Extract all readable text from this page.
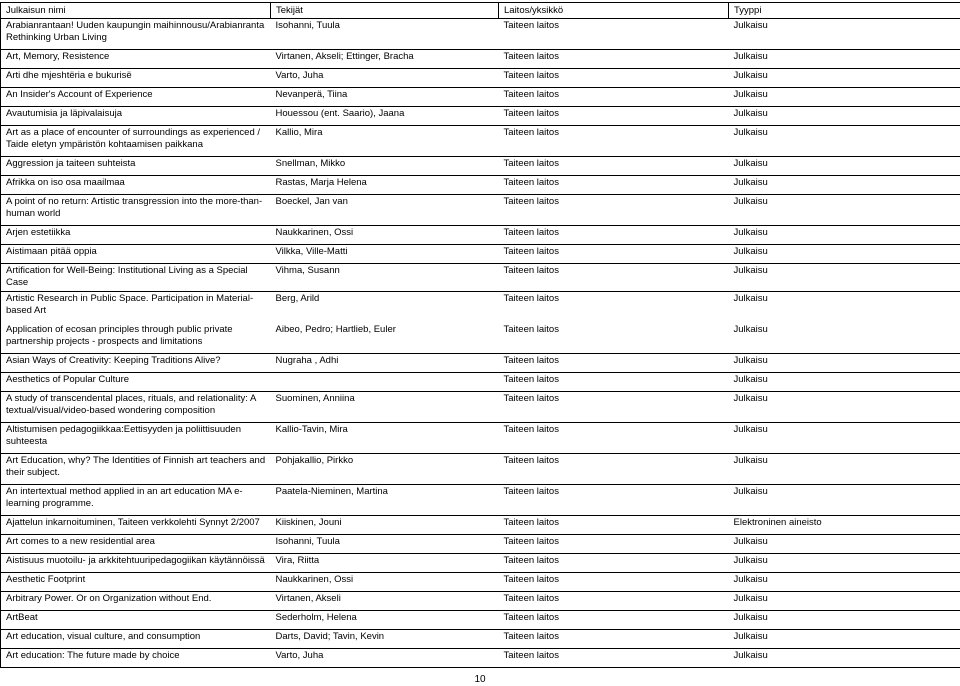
Julkaisun nimi	Tekijät	Laitos/yksikkö	Tyyppi
Arabianrantaan! Uuden kaupungin maihinnousu/Arabianranta Rethinking Urban Living	Isohanni, Tuula	Taiteen laitos	Julkaisu
Art, Memory, Resistence	Virtanen, Akseli; Ettinger, Bracha	Taiteen laitos	Julkaisu
Arti dhe mjeshtëria e bukurisë	Varto, Juha	Taiteen laitos	Julkaisu
An Insider's Account of Experience	Nevanperä, Tiina	Taiteen laitos	Julkaisu
Avautumisia ja läpivalaisuja	Houessou (ent. Saario), Jaana	Taiteen laitos	Julkaisu
Art as a place of encounter of surroundings as experienced / Taide eletyn ympäristön kohtaamisen paikkana	Kallio, Mira	Taiteen laitos	Julkaisu
Aggression ja taiteen suhteista	Snellman, Mikko	Taiteen laitos	Julkaisu
Afrikka on iso osa maailmaa	Rastas, Marja Helena	Taiteen laitos	Julkaisu
A point of no return: Artistic transgression into the more-than-human world	Boeckel, Jan van	Taiteen laitos	Julkaisu
Arjen estetiikka	Naukkarinen, Ossi	Taiteen laitos	Julkaisu
Aistimaan pitää oppia	Vilkka, Ville-Matti	Taiteen laitos	Julkaisu
Artification for Well-Being: Institutional Living as a Special Case	Vihma, Susann	Taiteen laitos	Julkaisu
Artistic Research in Public Space. Participation in Material-based Art	Berg, Arild	Taiteen laitos	Julkaisu
Application of ecosan principles through public private partnership projects - prospects and limitations	Aibeo, Pedro; Hartlieb, Euler	Taiteen laitos	Julkaisu
Asian Ways of Creativity: Keeping Traditions Alive?	Nugraha , Adhi	Taiteen laitos	Julkaisu
Aesthetics of Popular Culture		Taiteen laitos	Julkaisu
A study of transcendental places, rituals, and relationality: A textual/visual/video-based wondering composition	Suominen, Anniina	Taiteen laitos	Julkaisu
Altistumisen pedagogiikkaa:Eettisyyden ja poliittisuuden suhteesta	Kallio-Tavin, Mira	Taiteen laitos	Julkaisu
Art Education, why? The Identities of Finnish art teachers and their subject.	Pohjakallio, Pirkko	Taiteen laitos	Julkaisu
An intertextual method applied in an art education MA e-learning programme.	Paatela-Nieminen, Martina	Taiteen laitos	Julkaisu
Ajattelun inkarnoituminen, Taiteen verkkolehti Synnyt 2/2007	Kiiskinen, Jouni	Taiteen laitos	Elektroninen aineisto
Art comes to a new residential area	Isohanni, Tuula	Taiteen laitos	Julkaisu
Aistisuus muotoilu- ja arkkitehtuuripedagogiikan käytännöissä	Vira, Riitta	Taiteen laitos	Julkaisu
Aesthetic Footprint	Naukkarinen, Ossi	Taiteen laitos	Julkaisu
Arbitrary Power. Or on Organization without End.	Virtanen, Akseli	Taiteen laitos	Julkaisu
ArtBeat	Sederholm, Helena	Taiteen laitos	Julkaisu
Art education, visual culture, and consumption	Darts, David; Tavin, Kevin	Taiteen laitos	Julkaisu
Art education: The future made by choice	Varto, Juha	Taiteen laitos	Julkaisu
10
